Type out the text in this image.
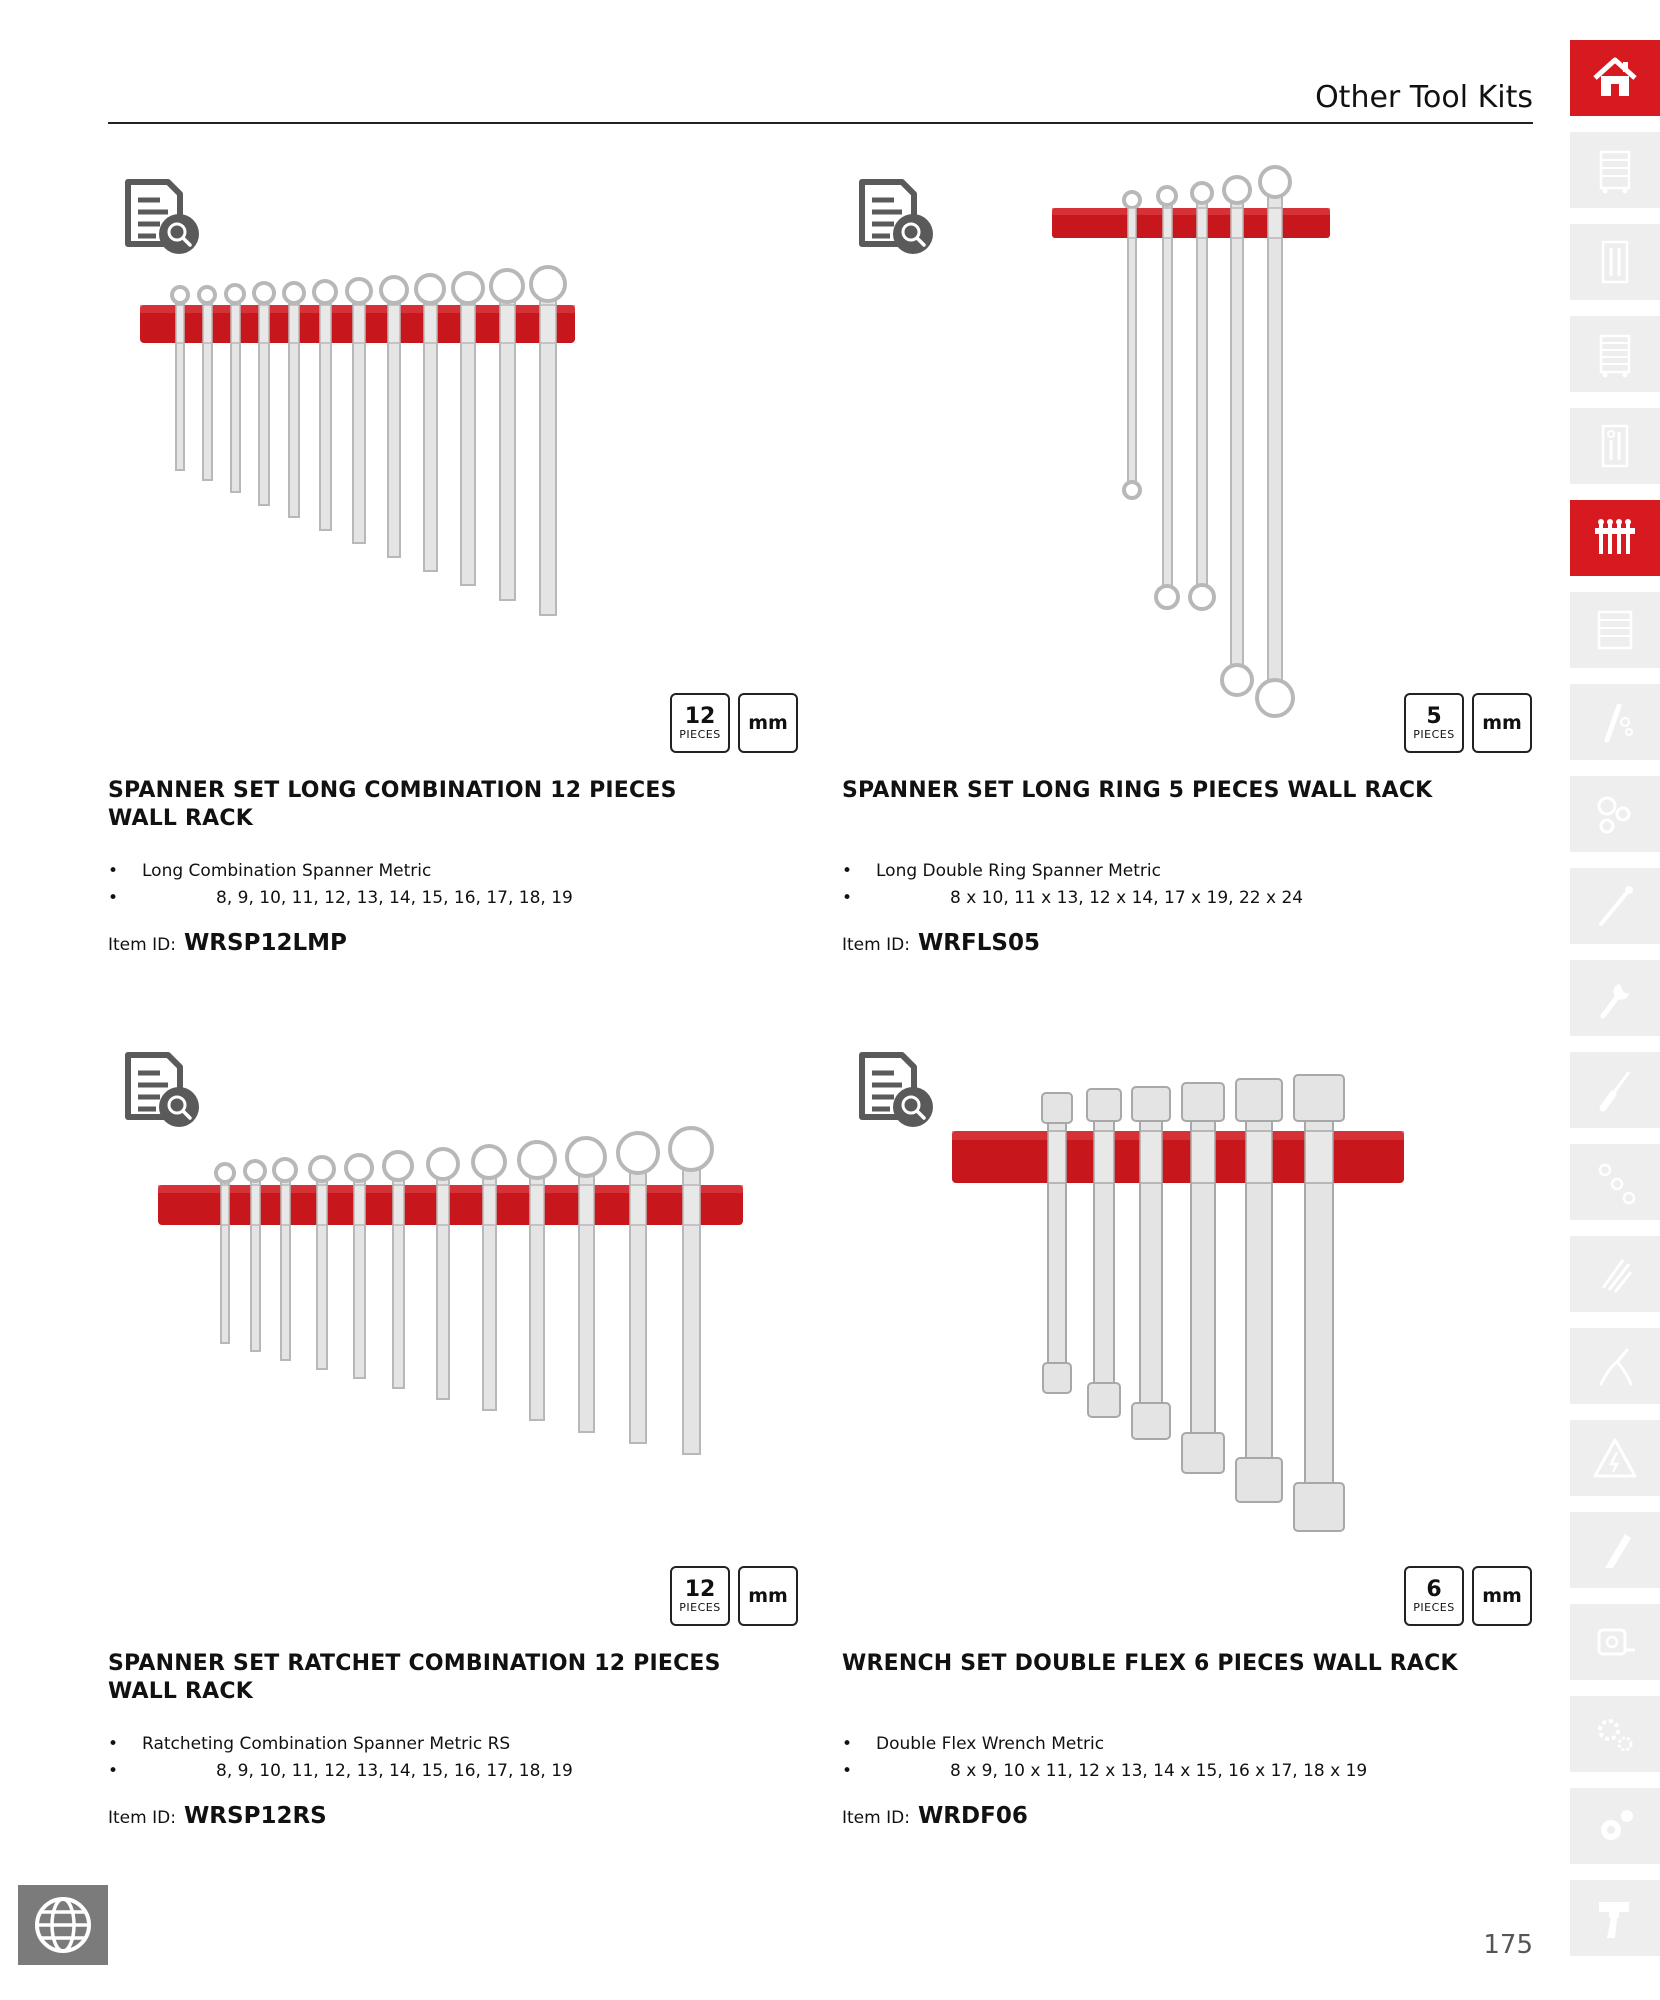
Other Tool Kits
12
PIECES mm
SPANNER SET LONG COMBINATION 12 PIECES WALL RACK
• Long Combination Spanner Metric
• 8, 9, 10, 11, 12, 13, 14, 15, 16, 17, 18, 19
Item ID: WRSP12LMP
5
PIECES mm
SPANNER SET LONG RING 5 PIECES WALL RACK
• Long Double Ring Spanner Metric
• 8 x 10, 11 x 13, 12 x 14, 17 x 19, 22 x 24
Item ID: WRFLS05
12
PIECES mm
SPANNER SET RATCHET COMBINATION 12 PIECES WALL RACK
• Ratcheting Combination Spanner Metric RS
• 8, 9, 10, 11, 12, 13, 14, 15, 16, 17, 18, 19
Item ID: WRSP12RS
6
PIECES mm
WRENCH SET DOUBLE FLEX 6 PIECES WALL RACK
• Double Flex Wrench Metric
• 8 x 9, 10 x 11, 12 x 13, 14 x 15, 16 x 17, 18 x 19
Item ID: WRDF06
175
